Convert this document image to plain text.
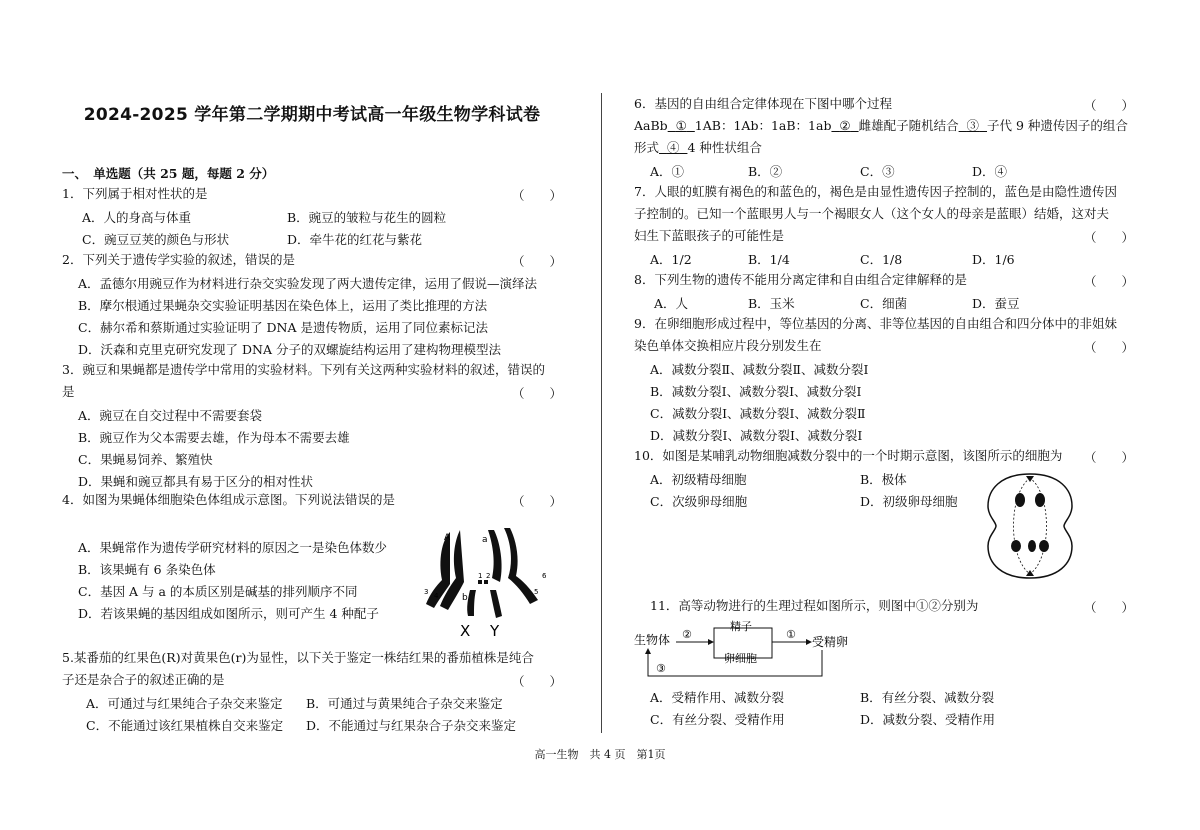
2024-2025 学年第二学期期中考试高一年级生物学科试卷
一、　单选题（共 25 题，每题 2 分）
1．下列属于相对性状的是	（　　）
A．人的身高与体重	B．豌豆的皱粒与花生的圆粒
C．豌豆豆荚的颜色与形状	D．牵牛花的红花与紫花
2．下列关于遗传学实验的叙述，错误的是	（　　）
A．孟德尔用豌豆作为材料进行杂交实验发现了两大遗传定律，运用了假说—演绎法
B．摩尔根通过果蝇杂交实验证明基因在染色体上，运用了类比推理的方法
C．赫尔希和蔡斯通过实验证明了 DNA 是遗传物质，运用了同位素标记法
D．沃森和克里克研究发现了 DNA 分子的双螺旋结构运用了建构物理模型法
3．豌豆和果蝇都是遗传学中常用的实验材料。下列有关这两种实验材料的叙述，错误的
是	（　　）
A．豌豆在自交过程中不需要套袋
B．豌豆作为父本需要去雄，作为母本不需要去雄
C．果蝇易饲养、繁殖快
D．果蝇和豌豆都具有易于区分的相对性状
4．如图为果蝇体细胞染色体组成示意图。下列说法错误的是	（　　）
A．果蝇常作为遗传学研究材料的原因之一是染色体数少
B．该果蝇有 6 条染色体
C．基因 A 与 a 的本质区别是碱基的排列顺序不同
D．若该果蝇的基因组成如图所示，则可产生 4 种配子
A	a
b
1 2
3 4	5
6
X Y
5.某番茄的红果色(R)对黄果色(r)为显性，以下关于鉴定一株结红果的番茄植株是纯合
子还是杂合子的叙述正确的是	（　　）
A．可通过与红果纯合子杂交来鉴定 B．可通过与黄果纯合子杂交来鉴定
C．不能通过该红果植株自交来鉴定 D．不能通过与红果杂合子杂交来鉴定
6．基因的自由组合定律体现在下图中哪个过程	（　　）
AaBb ① 1AB：1Ab：1aB：1ab ② 雌雄配子随机结合 ③ 子代 9 种遗传因子的组合
形式 ④ 4 种性状组合
A．①	B．②	C．③	D．④
7．人眼的虹膜有褐色的和蓝色的，褐色是由显性遗传因子控制的，蓝色是由隐性遗传因
子控制的。已知一个蓝眼男人与一个褐眼女人（这个女人的母亲是蓝眼）结婚，这对夫
妇生下蓝眼孩子的可能性是	（　　）
A．1/2	B．1/4	C．1/8	D．1/6
8．下列生物的遗传不能用分离定律和自由组合定律解释的是	（　　）
A．人	B．玉米	C．细菌	D．蚕豆
9．在卵细胞形成过程中，等位基因的分离、非等位基因的自由组合和四分体中的非姐妹
染色单体交换相应片段分别发生在	（　　）
A．减数分裂Ⅱ、减数分裂Ⅱ、减数分裂Ⅰ
B．减数分裂Ⅰ、减数分裂Ⅰ、减数分裂Ⅰ
C．减数分裂Ⅰ、减数分裂Ⅰ、减数分裂Ⅱ
D．减数分裂Ⅰ、减数分裂Ⅰ、减数分裂Ⅰ
10．如图是某哺乳动物细胞减数分裂中的一个时期示意图，该图所示的细胞为 （　　）
A．初级精母细胞	B．极体
C．次级卵母细胞	D．初级卵母细胞
11．高等动物进行的生理过程如图所示，则图中①②分别为	（　　）
生物体 ②
精子
卵细胞
①
受精卵
③
A．受精作用、减数分裂	B．有丝分裂、减数分裂
C．有丝分裂、受精作用	D．减数分裂、受精作用
高一生物　共 4 页　第1页
